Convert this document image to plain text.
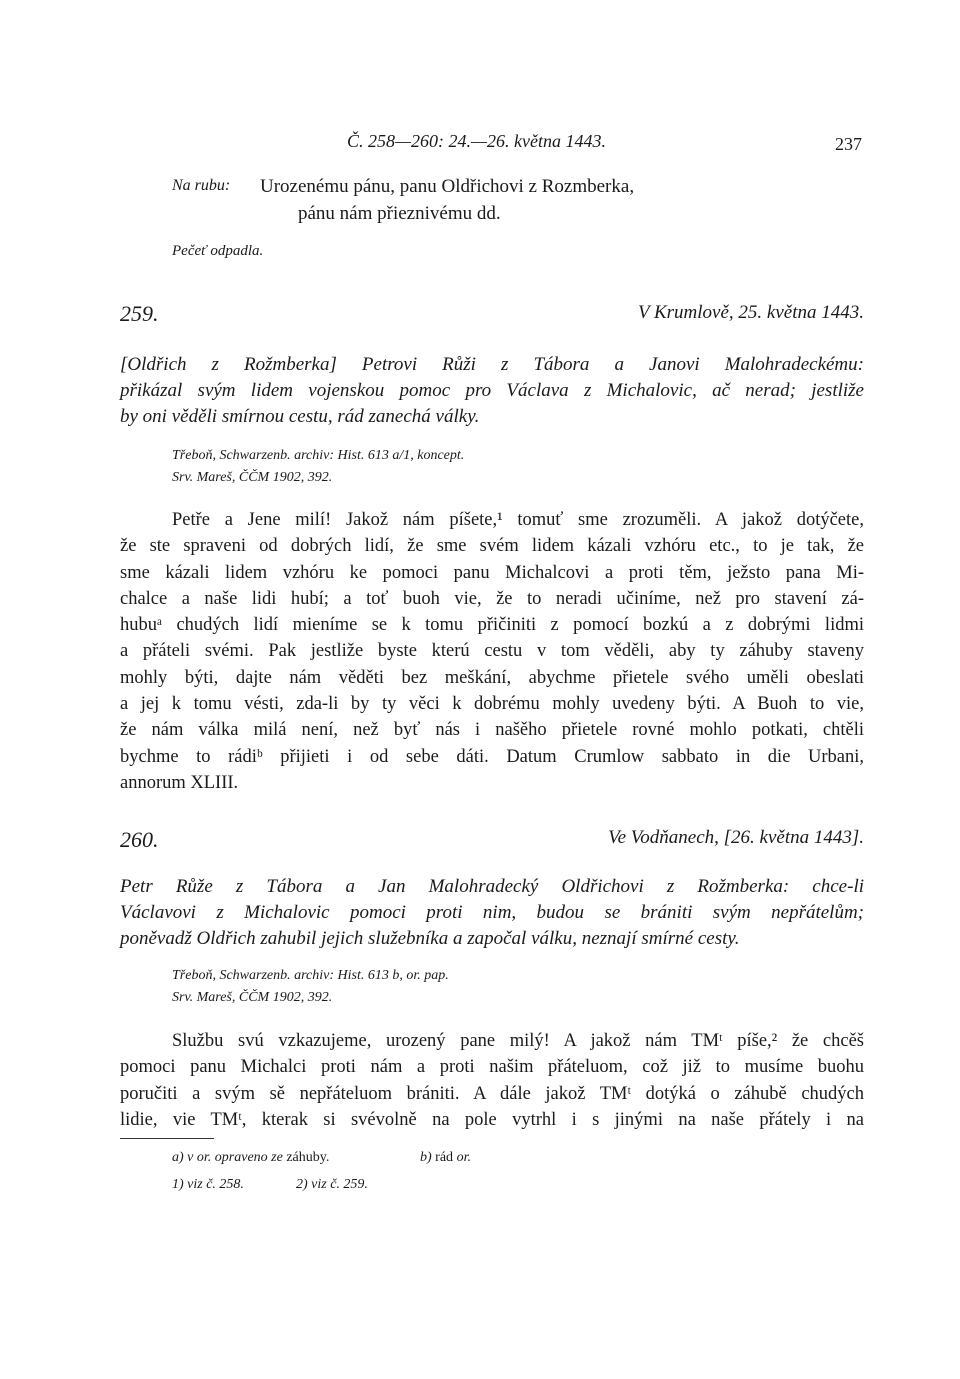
Č. 258—260: 24.—26. května 1443.	237
Na rubu: Urozenému pánu, panu Oldřichovi z Rozmberka,
pánu nám přieznivému dd.
Pečeť odpadla.
259.	V Krumlově, 25. května 1443.
[Oldřich z Rožmberka] Petrovi Růži z Tábora a Janovi Malohradeckému:
přikázal svým lidem vojenskou pomoc pro Václava z Michalovic, ač nerad; jestliže
by oni věděli smírnou cestu, rád zanechá války.
Třeboň, Schwarzenb. archiv: Hist. 613 a/1, koncept.
Srv. Mareš, ČČM 1902, 392.
Petře a Jene milí! Jakož nám píšete,¹ tomuť sme zrozuměli. A jakož dotýčete,
že ste spraveni od dobrých lidí, že sme svém lidem kázali vzhóru etc., to je tak, že
sme kázali lidem vzhóru ke pomoci panu Michalcovi a proti těm, ježsto pana Mi-
chalce a naše lidi hubí; a toť buoh vie, že to neradi učiníme, než pro stavení zá-
hubuᵃ chudých lidí mieníme se k tomu přičiniti z pomocí bozkú a z dobrými lidmi
a přáteli svémi. Pak jestliže byste kterú cestu v tom věděli, aby ty záhuby staveny
mohly býti, dajte nám věděti bez meškání, abychme přietele svého uměli obeslati
a jej k tomu vésti, zda-li by ty věci k dobrému mohly uvedeny býti. A Buoh to vie,
že nám válka milá není, než byť nás i našěho přietele rovné mohlo potkati, chtěli
bychme to rádiᵇ přijieti i od sebe dáti. Datum Crumlow sabbato in die Urbani,
annorum XLIII.
260.	Ve Vodňanech, [26. května 1443].
Petr Růže z Tábora a Jan Malohradecký Oldřichovi z Rožmberka: chce-li
Václavovi z Michalovic pomoci proti nim, budou se brániti svým nepřátelům;
poněvadž Oldřich zahubil jejich služebníka a započal válku, neznají smírné cesty.
Třeboň, Schwarzenb. archiv: Hist. 613 b, or. pap.
Srv. Mareš, ČČM 1902, 392.
Službu svú vzkazujeme, urozený pane milý! A jakož nám TMᵗ píše,² že chcěš
pomoci panu Michalci proti nám a proti našim přáteluom, což již to musíme buohu
poručiti a svým sě nepřáteluom brániti. A dále jakož TMᵗ dotýká o záhubě chudých
lidie, vie TMᵗ, kterak si svévolně na pole vytrhl i s jinými na naše přátely i na
a) v or. opraveno ze záhuby.	b) rád or.
1) viz č. 258.	2) viz č. 259.
